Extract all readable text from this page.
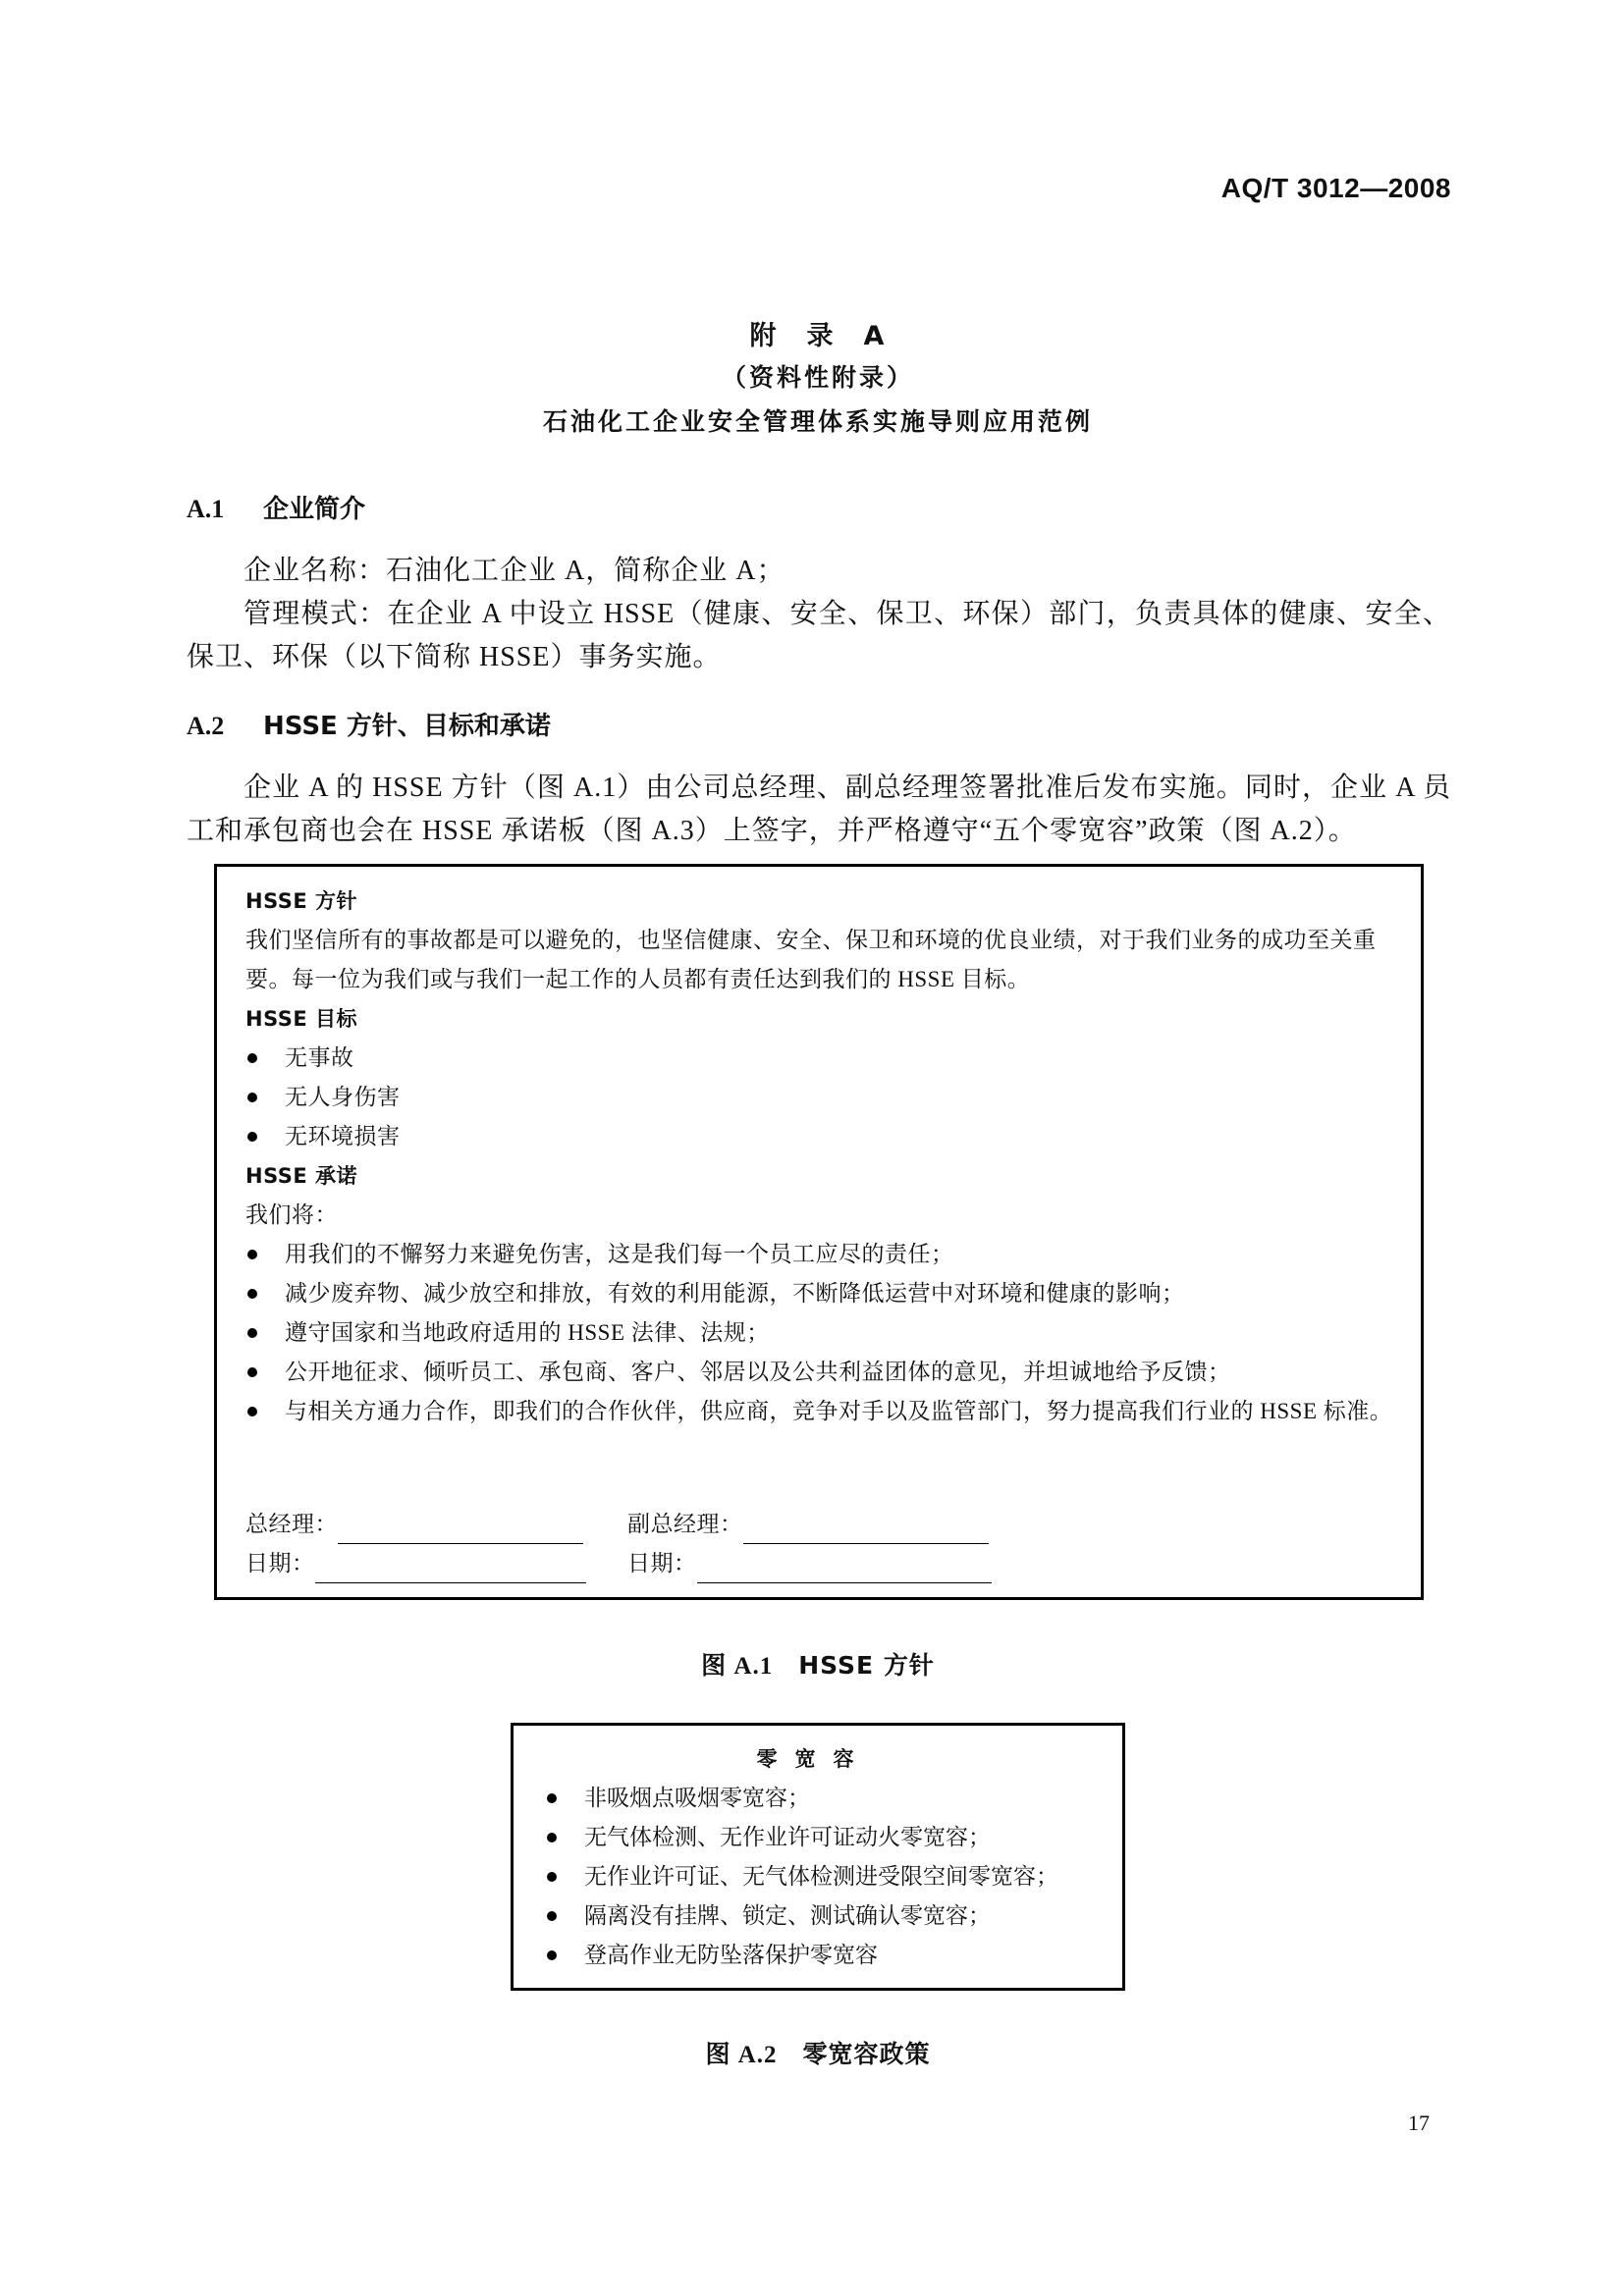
AQ/T 3012—2008
附　录　A
（资料性附录）
石油化工企业安全管理体系实施导则应用范例
A.1 企业简介
企业名称：石油化工企业 A，简称企业 A；
管理模式：在企业 A 中设立 HSSE（健康、安全、保卫、环保）部门，负责具体的健康、安全、保卫、环保（以下简称 HSSE）事务实施。
A.2 HSSE 方针、目标和承诺
企业 A 的 HSSE 方针（图 A.1）由公司总经理、副总经理签署批准后发布实施。同时，企业 A 员工和承包商也会在 HSSE 承诺板（图 A.3）上签字，并严格遵守“五个零宽容”政策（图 A.2）。
HSSE 方针
我们坚信所有的事故都是可以避免的，也坚信健康、安全、保卫和环境的优良业绩，对于我们业务的成功至关重要。每一位为我们或与我们一起工作的人员都有责任达到我们的 HSSE 目标。
HSSE 目标
无事故
无人身伤害
无环境损害
HSSE 承诺
我们将：
用我们的不懈努力来避免伤害，这是我们每一个员工应尽的责任；
减少废弃物、减少放空和排放，有效的利用能源，不断降低运营中对环境和健康的影响；
遵守国家和当地政府适用的 HSSE 法律、法规；
公开地征求、倾听员工、承包商、客户、邻居以及公共利益团体的意见，并坦诚地给予反馈；
与相关方通力合作，即我们的合作伙伴，供应商，竞争对手以及监管部门，努力提高我们行业的 HSSE 标准。
总经理：	副总经理：
日期：	日期：
图 A.1 HSSE 方针
零宽容
非吸烟点吸烟零宽容；
无气体检测、无作业许可证动火零宽容；
无作业许可证、无气体检测进受限空间零宽容；
隔离没有挂牌、锁定、测试确认零宽容；
登高作业无防坠落保护零宽容
图 A.2 零宽容政策
17
